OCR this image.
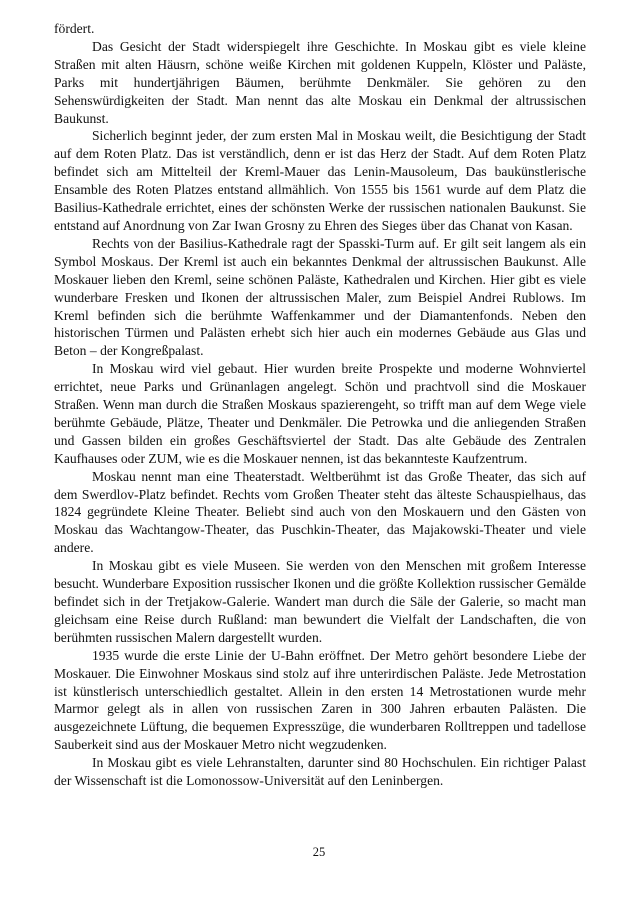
fördert.

Das Gesicht der Stadt widerspiegelt ihre Geschichte. In Moskau gibt es viele kleine Straßen mit alten Häusrn, schöne weiße Kirchen mit goldenen Kuppeln, Klöster und Paläste, Parks mit hundertjährigen Bäumen, berühmte Denkmäler. Sie gehören zu den Sehenswürdigkeiten der Stadt. Man nennt das alte Moskau ein Denkmal der altrussischen Baukunst.

Sicherlich beginnt jeder, der zum ersten Mal in Moskau weilt, die Besichtigung der Stadt auf dem Roten Platz. Das ist verständlich, denn er ist das Herz der Stadt. Auf dem Roten Platz befindet sich am Mittelteil der Kreml-Mauer das Lenin-Mausoleum, Das baukünstlerische Ensamble des Roten Platzes entstand allmählich. Von 1555 bis 1561 wurde auf dem Platz die Basilius-Kathedrale errichtet, eines der schönsten Werke der russischen nationalen Baukunst. Sie entstand auf Anordnung von Zar Iwan Grosny zu Ehren des Sieges über das Chanat von Kasan.

Rechts von der Basilius-Kathedrale ragt der Spasski-Turm auf. Er gilt seit langem als ein Symbol Moskaus. Der Kreml ist auch ein bekanntes Denkmal der altrussischen Baukunst. Alle Moskauer lieben den Kreml, seine schönen Paläste, Kathedralen und Kirchen. Hier gibt es viele wunderbare Fresken und Ikonen der altrussischen Maler, zum Beispiel Andrei Rublows. Im Kreml befinden sich die berühmte Waffenkammer und der Diamantenfonds. Neben den historischen Türmen und Palästen erhebt sich hier auch ein modernes Gebäude aus Glas und Beton – der Kongreßpalast.

In Moskau wird viel gebaut. Hier wurden breite Prospekte und moderne Wohnviertel errichtet, neue Parks und Grünanlagen angelegt. Schön und prachtvoll sind die Moskauer Straßen. Wenn man durch die Straßen Moskaus spazierengeht, so trifft man auf dem Wege viele berühmte Gebäude, Plätze, Theater und Denkmäler. Die Petrowka und die anliegenden Straßen und Gassen bilden ein großes Geschäftsviertel der Stadt. Das alte Gebäude des Zentralen Kaufhauses oder ZUM, wie es die Moskauer nennen, ist das bekannteste Kaufzentrum.

Moskau nennt man eine Theaterstadt. Weltberühmt ist das Große Theater, das sich auf dem Swerdlov-Platz befindet. Rechts vom Großen Theater steht das älteste Schauspielhaus, das 1824 gegründete Kleine Theater. Beliebt sind auch von den Moskauern und den Gästen von Moskau das Wachtangow-Theater, das Puschkin-Theater, das Majakowski-Theater und viele andere.

In Moskau gibt es viele Museen. Sie werden von den Menschen mit großem Interesse besucht. Wunderbare Exposition russischer Ikonen und die größte Kollektion russischer Gemälde befindet sich in der Tretjakow-Galerie. Wandert man durch die Säle der Galerie, so macht man gleichsam eine Reise durch Rußland: man bewundert die Vielfalt der Landschaften, die von berühmten russischen Malern dargestellt wurden.

1935 wurde die erste Linie der U-Bahn eröffnet. Der Metro gehört besondere Liebe der Moskauer. Die Einwohner Moskaus sind stolz auf ihre unterirdischen Paläste. Jede Metrostation ist künstlerisch unterschiedlich gestaltet. Allein in den ersten 14 Metrostationen wurde mehr Marmor gelegt als in allen von russischen Zaren in 300 Jahren erbauten Palästen. Die ausgezeichnete Lüftung, die bequemen Expresszüge, die wunderbaren Rolltreppen und tadellose Sauberkeit sind aus der Moskauer Metro nicht wegzudenken.

In Moskau gibt es viele Lehranstalten, darunter sind 80 Hochschulen. Ein richtiger Palast der Wissenschaft ist die Lomonossow-Universität auf den Leninbergen.

25
